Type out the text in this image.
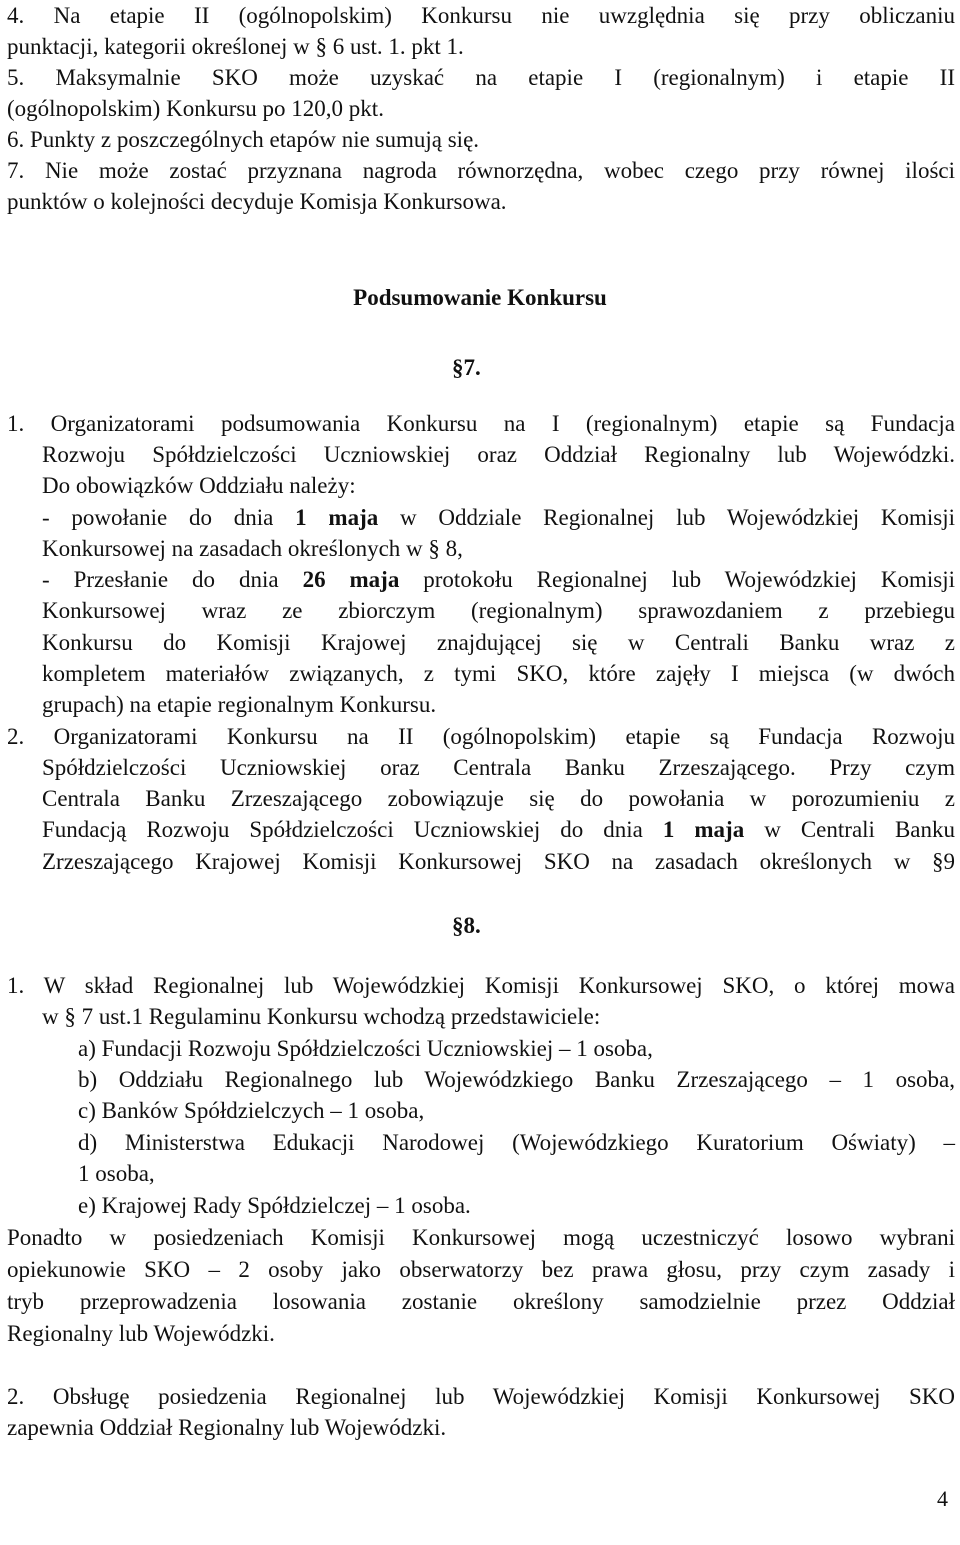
4. Na etapie II (ogólnopolskim) Konkursu nie uwzględnia się przy obliczaniu
punktacji, kategorii określonej w § 6 ust. 1. pkt 1.
5. Maksymalnie SKO może uzyskać na etapie I (regionalnym) i etapie II
(ogólnopolskim) Konkursu po 120,0 pkt.
6. Punkty z poszczególnych etapów nie sumują się.
7. Nie może zostać przyznana nagroda równorzędna, wobec czego przy równej ilości
punktów o kolejności decyduje Komisja Konkursowa.
Podsumowanie Konkursu
§7.
1. Organizatorami podsumowania Konkursu na I (regionalnym) etapie są Fundacja
Rozwoju Spółdzielczości Uczniowskiej oraz Oddział Regionalny lub Wojewódzki.
Do obowiązków Oddziału należy:
- powołanie do dnia 1 maja w Oddziale Regionalnej lub Wojewódzkiej Komisji
Konkursowej na zasadach określonych w § 8,
- Przesłanie do dnia 26 maja protokołu Regionalnej lub Wojewódzkiej Komisji
Konkursowej wraz ze zbiorczym (regionalnym) sprawozdaniem z przebiegu
Konkursu do Komisji Krajowej znajdującej się w Centrali Banku wraz z
kompletem materiałów związanych, z tymi SKO, które zajęły I miejsca (w dwóch
grupach) na etapie regionalnym Konkursu.
2. Organizatorami Konkursu na II (ogólnopolskim) etapie są Fundacja Rozwoju
Spółdzielczości Uczniowskiej oraz Centrala Banku Zrzeszającego. Przy czym
Centrala Banku Zrzeszającego zobowiązuje się do powołania w porozumieniu z
Fundacją Rozwoju Spółdzielczości Uczniowskiej do dnia 1 maja w Centrali Banku
Zrzeszającego Krajowej Komisji Konkursowej SKO na zasadach określonych w §9
§8.
1. W skład Regionalnej lub Wojewódzkiej Komisji Konkursowej SKO, o której mowa
w § 7 ust.1 Regulaminu Konkursu wchodzą przedstawiciele:
a) Fundacji Rozwoju Spółdzielczości Uczniowskiej – 1 osoba,
b) Oddziału Regionalnego lub Wojewódzkiego Banku Zrzeszającego – 1 osoba,
c) Banków Spółdzielczych – 1 osoba,
d) Ministerstwa Edukacji Narodowej (Wojewódzkiego Kuratorium Oświaty) –
1 osoba,
e) Krajowej Rady Spółdzielczej – 1 osoba.
Ponadto w posiedzeniach Komisji Konkursowej mogą uczestniczyć losowo wybrani
opiekunowie SKO – 2 osoby jako obserwatorzy bez prawa głosu, przy czym zasady i
tryb przeprowadzenia losowania zostanie określony samodzielnie przez Oddział
Regionalny lub Wojewódzki.
2. Obsługę posiedzenia Regionalnej lub Wojewódzkiej Komisji Konkursowej SKO
zapewnia Oddział Regionalny lub Wojewódzki.
4
